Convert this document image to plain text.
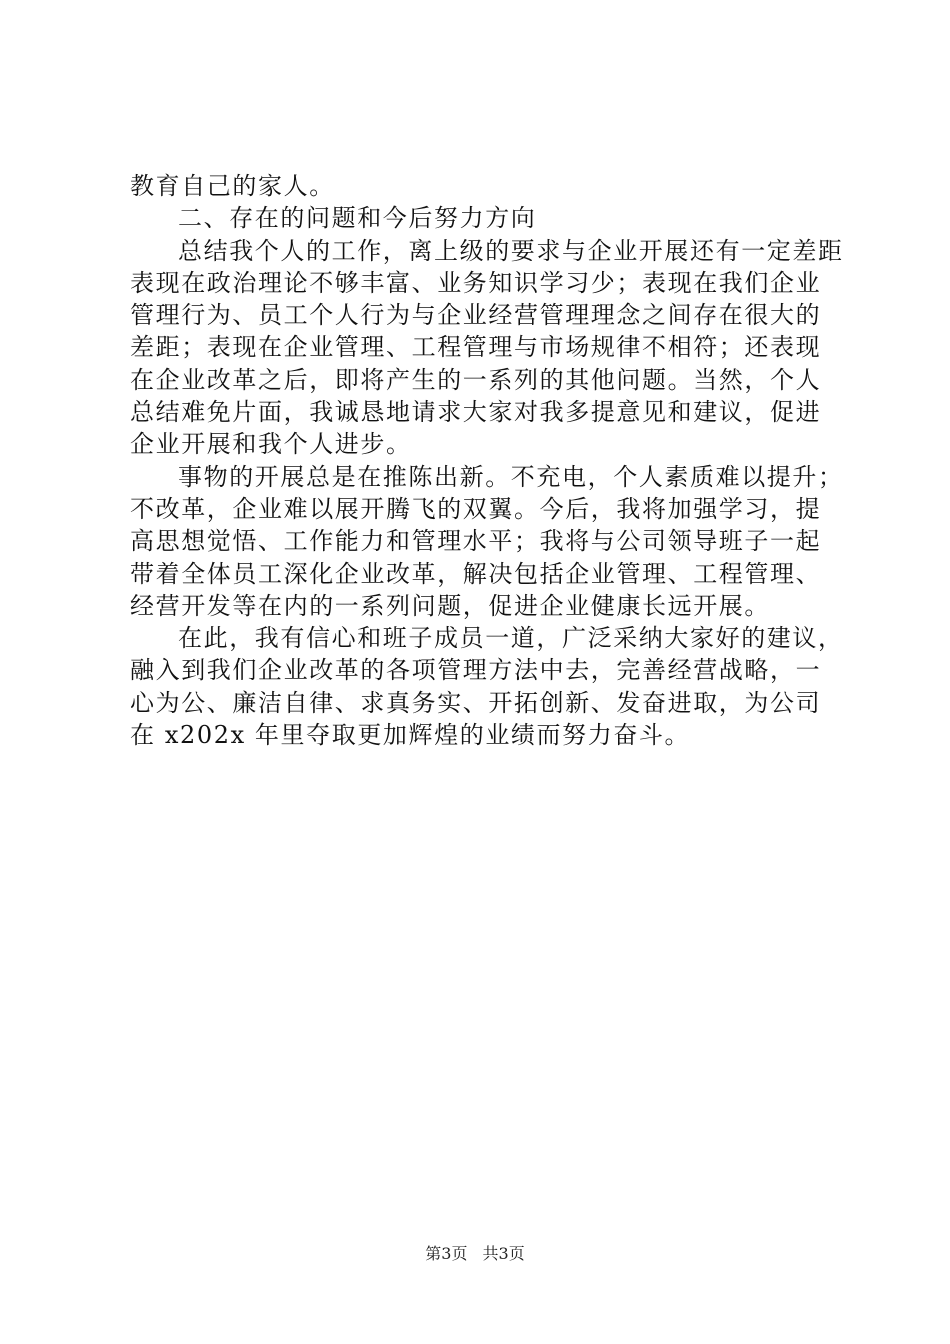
教育自己的家人。
二、存在的问题和今后努力方向
总结我个人的工作，离上级的要求与企业开展还有一定差距
表现在政治理论不够丰富、业务知识学习少；表现在我们企业
管理行为、员工个人行为与企业经营管理理念之间存在很大的
差距；表现在企业管理、工程管理与市场规律不相符；还表现
在企业改革之后，即将产生的一系列的其他问题。当然，个人
总结难免片面，我诚恳地请求大家对我多提意见和建议，促进
企业开展和我个人进步。
事物的开展总是在推陈出新。不充电，个人素质难以提升；
不改革，企业难以展开腾飞的双翼。今后，我将加强学习，提
高思想觉悟、工作能力和管理水平；我将与公司领导班子一起
带着全体员工深化企业改革，解决包括企业管理、工程管理、
经营开发等在内的一系列问题，促进企业健康长远开展。
在此，我有信心和班子成员一道，广泛采纳大家好的建议，
融入到我们企业改革的各项管理方法中去，完善经营战略，一
心为公、廉洁自律、求真务实、开拓创新、发奋进取，为公司
在 x202x 年里夺取更加辉煌的业绩而努力奋斗。
第3页 共3页
